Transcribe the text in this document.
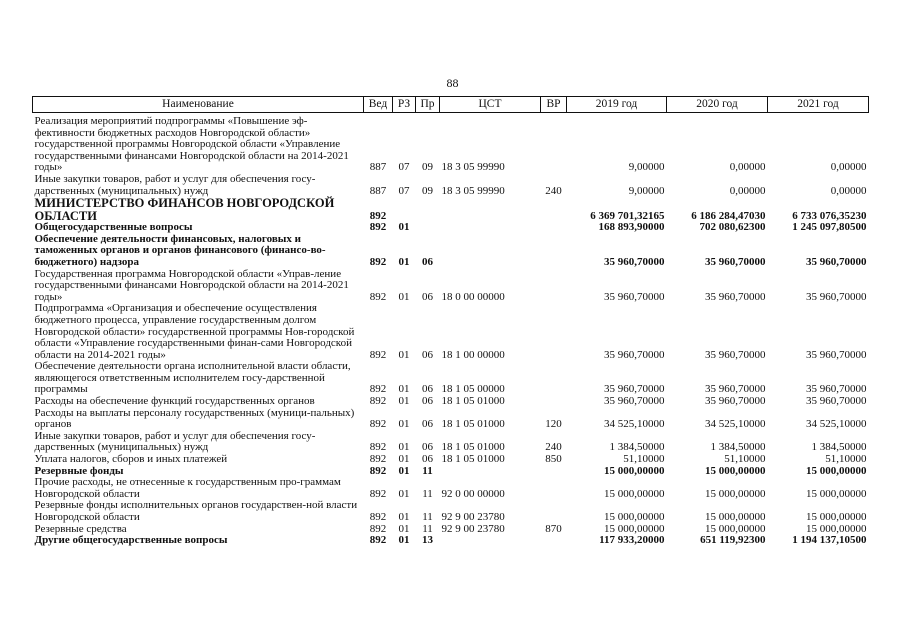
88
Наименование	Вед	РЗ	Пр	ЦСТ	ВР	2019 год	2020 год	2021 год
Реализация мероприятий подпрограммы «Повышение эф-фективности бюджетных расходов Новгородской области» государственной программы Новгородской области «Управление государственными финансами Новгородской области на 2014-2021 годы»	887	07	09	18 3 05 99990		9,00000	0,00000	0,00000
Иные закупки товаров, работ и услуг для обеспечения госу-дарственных (муниципальных) нужд	887	07	09	18 3 05 99990	240	9,00000	0,00000	0,00000
МИНИСТЕРСТВО ФИНАНСОВ НОВГОРОДСКОЙ ОБЛАСТИ	892					6 369 701,32165	6 186 284,47030	6 733 076,35230
Общегосударственные вопросы	892	01				168 893,90000	702 080,62300	1 245 097,80500
Обеспечение деятельности финансовых, налоговых и таможенных органов и органов финансового (финансо-во-бюджетного) надзора	892	01	06			35 960,70000	35 960,70000	35 960,70000
Государственная программа Новгородской области «Управ-ление государственными финансами Новгородской области на 2014-2021 годы»	892	01	06	18 0 00 00000		35 960,70000	35 960,70000	35 960,70000
Подпрограмма «Организация и обеспечение осуществления бюджетного процесса, управление государственным долгом Новгородской области» государственной программы Нов-городской области «Управление государственными финан-сами Новгородской области на 2014-2021 годы»	892	01	06	18 1 00 00000		35 960,70000	35 960,70000	35 960,70000
Обеспечение деятельности органа исполнительной власти области, являющегося ответственным исполнителем госу-дарственной программы	892	01	06	18 1 05 00000		35 960,70000	35 960,70000	35 960,70000
Расходы на обеспечение функций государственных органов	892	01	06	18 1 05 01000		35 960,70000	35 960,70000	35 960,70000
Расходы на выплаты персоналу государственных (муници-пальных) органов	892	01	06	18 1 05 01000	120	34 525,10000	34 525,10000	34 525,10000
Иные закупки товаров, работ и услуг для обеспечения госу-дарственных (муниципальных) нужд	892	01	06	18 1 05 01000	240	1 384,50000	1 384,50000	1 384,50000
Уплата налогов, сборов и иных платежей	892	01	06	18 1 05 01000	850	51,10000	51,10000	51,10000
Резервные фонды	892	01	11			15 000,00000	15 000,00000	15 000,00000
Прочие расходы, не отнесенные к государственным про-граммам Новгородской области	892	01	11	92 0 00 00000		15 000,00000	15 000,00000	15 000,00000
Резервные фонды исполнительных органов государствен-ной власти Новгородской области	892	01	11	92 9 00 23780		15 000,00000	15 000,00000	15 000,00000
Резервные средства	892	01	11	92 9 00 23780	870	15 000,00000	15 000,00000	15 000,00000
Другие общегосударственные вопросы	892	01	13			117 933,20000	651 119,92300	1 194 137,10500
